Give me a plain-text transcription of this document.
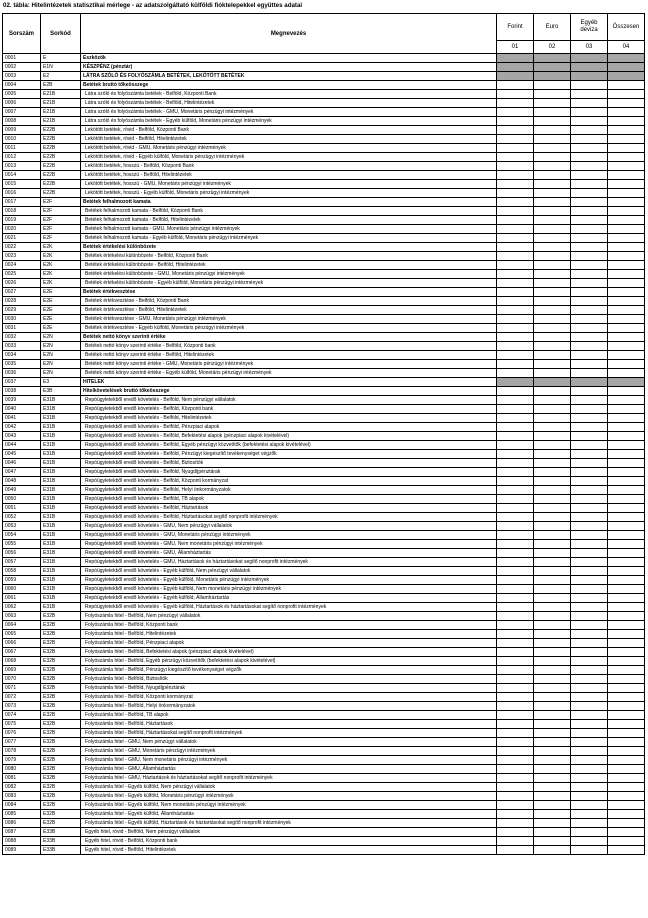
02. tábla: Hitelintézetek statisztikai mérlege - az adatszolgáltató külföldi fióktelepekkel együttes adatai
Sorszám	Sorkód	Megnevezés	Forint	Euro	Egyéb deviza	Összesen
			01	02	03	04
0001	E	Eszközök				
0002	E1N	KÉSZPÉNZ (pénztár)				
0003	E2	LÁTRA SZÓLÓ ÉS FOLYÓSZÁMLA BETÉTEK, LEKÖTÖTT BETÉTEK				
0004	E2B	Betétek bruttó tőkeösszege				
0005	E21B	Látra szóló és folyószámla betétek - Belföld, Központi Bank				
0006	E21B	Látra szóló és folyószámla betétek - Belföld, Hitelintézetek				
0007	E21B	Látra szóló és folyószámla betétek - GMU, Monetáris pénzügyi intézmények				
0008	E21B	Látra szóló és folyószámla betétek - Egyéb külföld, Monetáris pénzügyi intézmények				
0009	E22B	Lekötött betétek, rövid - Belföld, Központi Bank				
0010	E22B	Lekötött betétek, rövid - Belföld, Hitelintézetek				
0011	E22B	Lekötött betétek, rövid - GMU, Monetáris pénzügyi intézmények				
0012	E22B	Lekötött betétek, rövid - Egyéb külföld, Monetáris pénzügyi intézmények				
0013	E22B	Lekötött betétek, hosszú - Belföld, Központi Bank				
0014	E22B	Lekötött betétek, hosszú - Belföld, Hitelintézetek				
0015	E22B	Lekötött betétek, hosszú - GMU, Monetáris pénzügyi intézmények				
0016	E22B	Lekötött betétek, hosszú - Egyéb külföld, Monetáris pénzügyi intézmények				
0017	E2F	Betétek felhalmozott kamata				
0018	E2F	Betétek felhalmozott kamata - Belföld, Központi Bank				
0019	E2F	Betétek felhalmozott kamata - Belföld, Hitelintézetek				
0020	E2F	Betétek felhalmozott kamata - GMU, Monetáris pénzügyi intézmények				
0021	E2F	Betétek felhalmozott kamata - Egyéb külföld, Monetáris pénzügyi intézmények				
0022	E2K	Betétek értékelési különbözete				
0023	E2K	Betétek értékelési különbözete - Belföld, Központi Bank				
0024	E2K	Betétek értékelési különbözete - Belföld, Hitelintézetek				
0025	E2K	Betétek értékelési különbözete - GMU, Monetáris pénzügyi intézmények				
0026	E2K	Betétek értékelési különbözete - Egyéb külföld, Monetáris pénzügyi intézmények				
0027	E2E	Betétek értékvesztése				
0028	E2E	Betétek értékvesztése - Belföld, Központi Bank				
0029	E2E	Betétek értékvesztése - Belföld, Hitelintézetek				
0030	E2E	Betétek értékvesztése - GMU, Monetáris pénzügyi intézmények				
0031	E2E	Betétek értékvesztése - Egyéb külföld, Monetáris pénzügyi intézmények				
0032	E2N	Betétek nettó könyv szerinti értéke				
0033	E2N	Betétek nettó könyv szerinti értéke - Belföld, Központi bank				
0034	E2N	Betétek nettó könyv szerinti értéke - Belföld, Hitelintézetek				
0035	E2N	Betétek nettó könyv szerinti értéke - GMU, Monetáris pénzügyi intézmények				
0036	E2N	Betétek nettó könyv szerinti értéke - Egyéb külföld, Monetáris pénzügyi intézmények				
0037	E3	HITELEK				
0038	E3B	Hitelkövetelések bruttó tőkeösszege				
0039	E31B	Repóügyletekből eredő követelés - Belföld, Nem pénzügyi vállalatok				
0040	E31B	Repóügyletekből eredő követelés - Belföld, Központi bank				
0041	E31B	Repóügyletekből eredő követelés - Belföld, Hitelintézetek				
0042	E31B	Repóügyletekből eredő követelés - Belföld, Pénzpiaci alapok				
0043	E31B	Repóügyletekből eredő követelés - Belföld, Befektetési alapok (pénzpiaci alapok kivételével)				
0044	E31B	Repóügyletekből eredő követelés - Belföld, Egyéb pénzügyi közvetítők (befektetési alapok kivételével)				
0045	E31B	Repóügyletekből eredő követelés - Belföld, Pénzügyi kiegészítő tevékenységet végzők				
0046	E31B	Repóügyletekből eredő követelés - Belföld, Biztosítók				
0047	E31B	Repóügyletekből eredő követelés - Belföld, Nyugdíjpénztárak				
0048	E31B	Repóügyletekből eredő követelés - Belföld, Központi kormányzat				
0049	E31B	Repóügyletekből eredő követelés - Belföld, Helyi önkormányzatok				
0050	E31B	Repóügyletekből eredő követelés - Belföld, TB alapok				
0051	E31B	Repóügyletekből eredő követelés - Belföld, Háztartások				
0052	E31B	Repóügyletekből eredő követelés - Belföld, Háztartásokat segítő nonprofit intézmények				
0053	E31B	Repóügyletekből eredő követelés - GMU, Nem pénzügyi vállalatok				
0054	E31B	Repóügyletekből eredő követelés - GMU, Monetáris pénzügyi intézmények				
0055	E31B	Repóügyletekből eredő követelés - GMU, Nem monetáris pénzügyi intézmények				
0056	E31B	Repóügyletekből eredő követelés - GMU, Államháztartás				
0057	E31B	Repóügyletekből eredő követelés - GMU, Háztartások és háztartásokat segítő nonprofit intézmények				
0058	E31B	Repóügyletekből eredő követelés - Egyéb külföld, Nem pénzügyi vállalatok				
0059	E31B	Repóügyletekből eredő követelés - Egyéb külföld, Monetáris pénzügyi intézmények				
0060	E31B	Repóügyletekből eredő követelés - Egyéb külföld, Nem monetáris pénzügyi intézmények				
0061	E31B	Repóügyletekből eredő követelés - Egyéb külföld, Államháztartás				
0062	E31B	Repóügyletekből eredő követelés - Egyéb külföld, Háztartások és háztartásokat segítő nonprofit intézmények				
0063	E32B	Folyószámla hitel - Belföld, Nem pénzügyi vállalatok				
0064	E32B	Folyószámla hitel - Belföld, Központi bank				
0065	E32B	Folyószámla hitel - Belföld, Hitelintézetek				
0066	E32B	Folyószámla hitel - Belföld, Pénzpiaci alapok				
0067	E32B	Folyószámla hitel - Belföld, Befektetési alapok (pénzpiaci alapok kivételével)				
0068	E32B	Folyószámla hitel - Belföld, Egyéb pénzügyi közvetítők (befektetési alapok kivételével)				
0069	E32B	Folyószámla hitel - Belföld, Pénzügyi kiegészítő tevékenységet végzők				
0070	E32B	Folyószámla hitel - Belföld, Biztosítók				
0071	E32B	Folyószámla hitel - Belföld, Nyugdíjpénztárak				
0072	E32B	Folyószámla hitel - Belföld, Központi kormányzat				
0073	E32B	Folyószámla hitel - Belföld, Helyi önkormányzatok				
0074	E32B	Folyószámla hitel - Belföld, TB alapok				
0075	E32B	Folyószámla hitel - Belföld, Háztartások				
0076	E32B	Folyószámla hitel - Belföld, Háztartásokat segítő nonprofit intézmények				
0077	E32B	Folyószámla hitel - GMU, Nem pénzügyi vállalatok				
0078	E32B	Folyószámla hitel - GMU, Monetáris pénzügyi intézmények				
0079	E32B	Folyószámla hitel - GMU, Nem monetáris pénzügyi intézmények				
0080	E32B	Folyószámla hitel - GMU, Államháztartás				
0081	E32B	Folyószámla hitel - GMU, Háztartások és háztartásokat segítő nonprofit intézmények				
0082	E32B	Folyószámla hitel - Egyéb külföld, Nem pénzügyi vállalatok				
0083	E32B	Folyószámla hitel - Egyéb külföld, Monetáris pénzügyi intézmények				
0084	E32B	Folyószámla hitel - Egyéb külföld, Nem monetáris pénzügyi intézmények				
0085	E32B	Folyószámla hitel - Egyéb külföld, Államháztartás				
0086	E32B	Folyószámla hitel - Egyéb külföld, Háztartások és háztartásokat segítő nonprofit intézmények				
0087	E33B	Egyéb hitel, rövid - Belföld, Nem pénzügyi vállalatok				
0088	E33B	Egyéb hitel, rövid - Belföld, Központi bank				
0089	E33B	Egyéb hitel, rövid - Belföld, Hitelintézetek				
